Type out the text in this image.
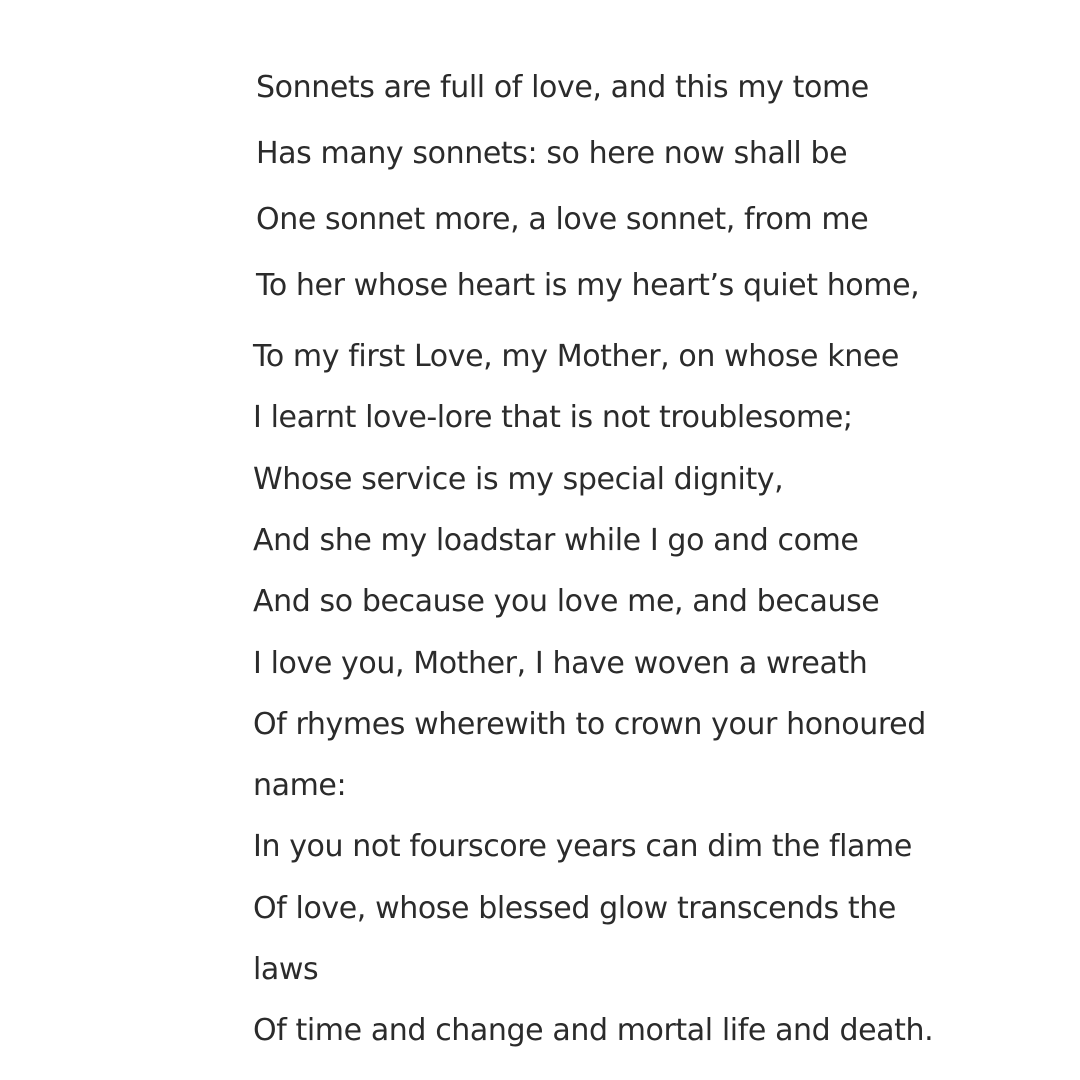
Sonnets are full of love, and this my tome
Has many sonnets: so here now shall be
One sonnet more, a love sonnet, from me
To her whose heart is my heart’s quiet home,
To my first Love, my Mother, on whose knee
I learnt love-lore that is not troublesome;
Whose service is my special dignity,
And she my loadstar while I go and come
And so because you love me, and because
I love you, Mother, I have woven a wreath
Of rhymes wherewith to crown your honoured
name:
In you not fourscore years can dim the flame
Of love, whose blessed glow transcends the
laws
Of time and change and mortal life and death.
